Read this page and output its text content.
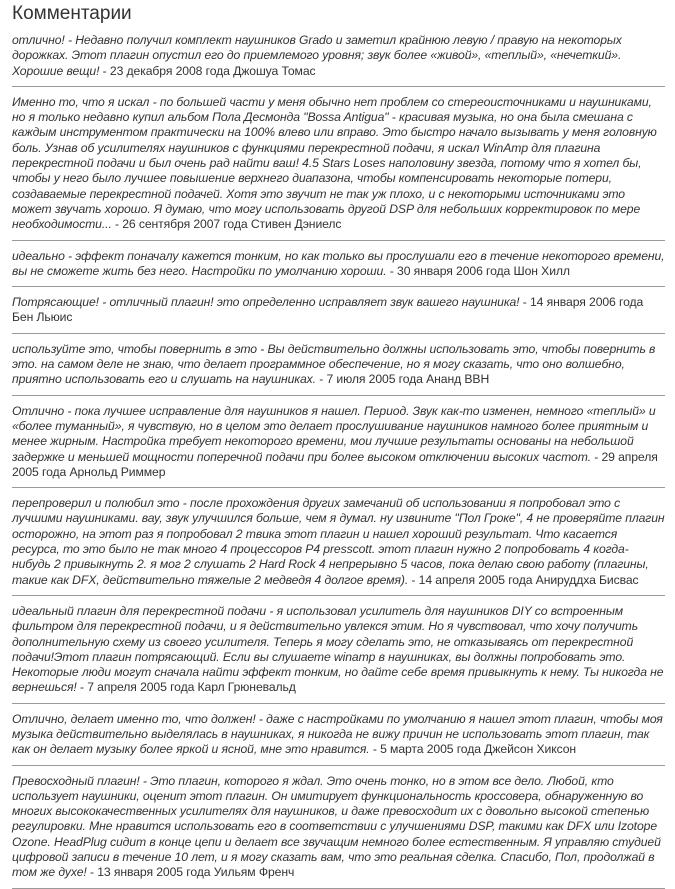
Комментарии
отлично! - Недавно получил комплект наушников Grado и заметил крайнюю левую / правую на некоторых дорожках. Этот плагин опустил его до приемлемого уровня; звук более «живой», «теплый», «нечеткий». Хорошие вещи! - 23 декабря 2008 года Джошуа Томас
Именно то, что я искал - по большей части у меня обычно нет проблем со стереоисточниками и наушниками, но я только недавно купил альбом Пола Десмонда "Bossa Antigua" - красивая музыка, но она была смешана с каждым инструментом практически на 100% влево или вправо. Это быстро начало вызывать у меня головную боль. Узнав об усилителях наушников с функциями перекрестной подачи, я искал WinAmp для плагина перекрестной подачи и был очень рад найти ваш! 4.5 Stars Loses наполовину звезда, потому что я хотел бы, чтобы у него было лучшее повышение верхнего диапазона, чтобы компенсировать некоторые потери, создаваемые перекрестной подачей. Хотя это звучит не так уж плохо, и с некоторыми источниками это может звучать хорошо. Я думаю, что могу использовать другой DSP для небольших корректировок по мере необходимости... - 26 сентября 2007 года Стивен Дэниелс
идеально - эффект поначалу кажется тонким, но как только вы прослушали его в течение некоторого времени, вы не сможете жить без него. Настройки по умолчанию хороши. - 30 января 2006 года Шон Хилл
Потрясающие! - отличный плагин! это определенно исправляет звук вашего наушника! - 14 января 2006 года Бен Льюис
используйте это, чтобы повернить в это - Вы действительно должны использовать это, чтобы повернить в это. на самом деле не знаю, что делает программное обеспечение, но я могу сказать, что оно волшебно, приятно использовать его и слушать на наушниках. - 7 июля 2005 года Ананд ВВН
Отлично - пока лучшее исправление для наушников я нашел. Период. Звук как-то изменен, немного «теплый» и «более туманный», я чувствую, но в целом это делает прослушивание наушников намного более приятным и менее жирным. Настройка требует некоторого времени, мои лучшие результаты основаны на небольшой задержке и меньшей мощности поперечной подачи при более высоком отключении высоких частот. - 29 апреля 2005 года Арнольд Риммер
перепроверил и полюбил это - после прохождения других замечаний об использовании я попробовал это с лучшими наушниками. вау, звук улучшился больше, чем я думал. ну извините "Пол Гроке", 4 не проверяйте плагин осторожно, на этот раз я попробовал 2 твика этот плагин и нашел хороший результат. Что касается ресурса, то это было не так много 4 процессоров P4 presscott. этот плагин нужно 2 попробовать 4 когда-нибудь 2 привыкнуть 2. я мог 2 слушать 2 Hard Rock 4 непрерывно 5 часов, пока делаю свою работу (плагины, такие как DFX, действительно тяжелые 2 медведя 4 долгое время). - 14 апреля 2005 года Анируддха Бисвас
идеальный плагин для перекрестной подачи - я использовал усилитель для наушников DIY со встроенным фильтром для перекрестной подачи, и я действительно увлекся этим. Но я чувствовал, что хочу получить дополнительную схему из своего усилителя. Теперь я могу сделать это, не отказываясь от перекрестной подачи!Этот плагин потрясающий. Если вы слушаете winamp в наушниках, вы должны попробовать это. Некоторые люди могут сначала найти эффект тонким, но дайте себе время привыкнуть к нему. Ты никогда не вернешься! - 7 апреля 2005 года Карл Грюневальд
Отлично, делает именно то, что должен! - даже с настройками по умолчанию я нашел этот плагин, чтобы моя музыка действительно выделялась в наушниках, я никогда не вижу причин не использовать этот плагин, так как он делает музыку более яркой и ясной, мне это нравится. - 5 марта 2005 года Джейсон Хиксон
Превосходный плагин! - Это плагин, которого я ждал. Это очень тонко, но в этом все дело. Любой, кто использует наушники, оценит этот плагин. Он имитирует функциональность кроссовера, обнаруженную во многих высококачественных усилителях для наушников, и даже превосходит их с довольно высокой степенью регулировки. Мне нравится использовать его в соответствии с улучшениями DSP, такими как DFX или Izotope Ozone. HeadPlug сидит в конце цепи и делает все звучащим немного более естественным. Я управляю студией цифровой записи в течение 10 лет, и я могу сказать вам, что это реальная сделка. Спасибо, Пол, продолжай в том же духе! - 13 января 2005 года Уильям Френч
